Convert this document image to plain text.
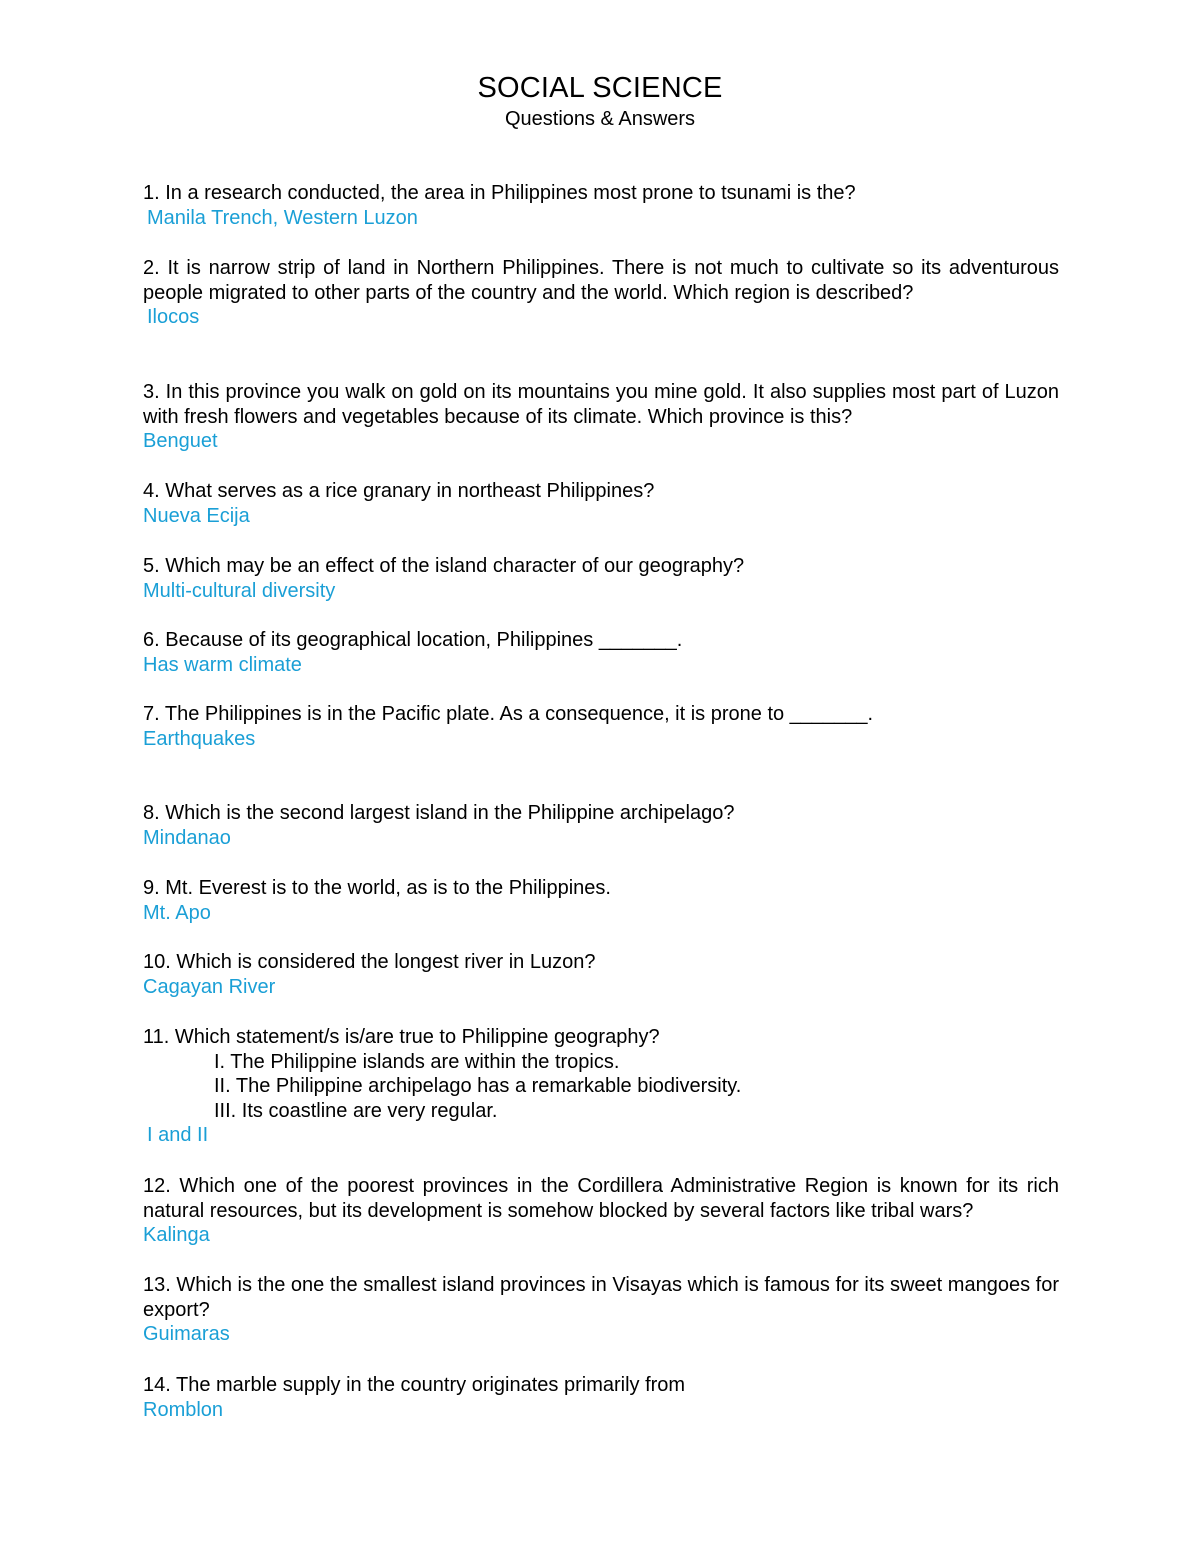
SOCIAL SCIENCE
Questions & Answers

1. In a research conducted, the area in Philippines most prone to tsunami is the?

Manila Trench, Western Luzon

2. It is narrow strip of land in Northern Philippines. There is not much to cultivate so its adventurous people migrated to other parts of the country and the world. Which region is described?

Ilocos

3. In this province you walk on gold on its mountains you mine gold. It also supplies most part of Luzon with fresh flowers and vegetables because of its climate. Which province is this?

Benguet

4. What serves as a rice granary in northeast Philippines?

Nueva Ecija

5. Which may be an effect of the island character of our geography?

Multi-cultural diversity

6. Because of its geographical location, Philippines _______.

Has warm climate

7. The Philippines is in the Pacific plate. As a consequence, it is prone to _______.

Earthquakes

8. Which is the second largest island in the Philippine archipelago?

Mindanao

9. Mt. Everest is to the world, as is to the Philippines.

Mt. Apo

10. Which is considered the longest river in Luzon?

Cagayan River

11. Which statement/s is/are true to Philippine geography?

I. The Philippine islands are within the tropics.

II. The Philippine archipelago has a remarkable biodiversity.

III. Its coastline are very regular.

I and II

12. Which one of the poorest provinces in the Cordillera Administrative Region is known for its rich natural resources, but its development is somehow blocked by several factors like tribal wars?

Kalinga

13. Which is the one the smallest island provinces in Visayas which is famous for its sweet mangoes for export?

Guimaras

14. The marble supply in the country originates primarily from

Romblon
